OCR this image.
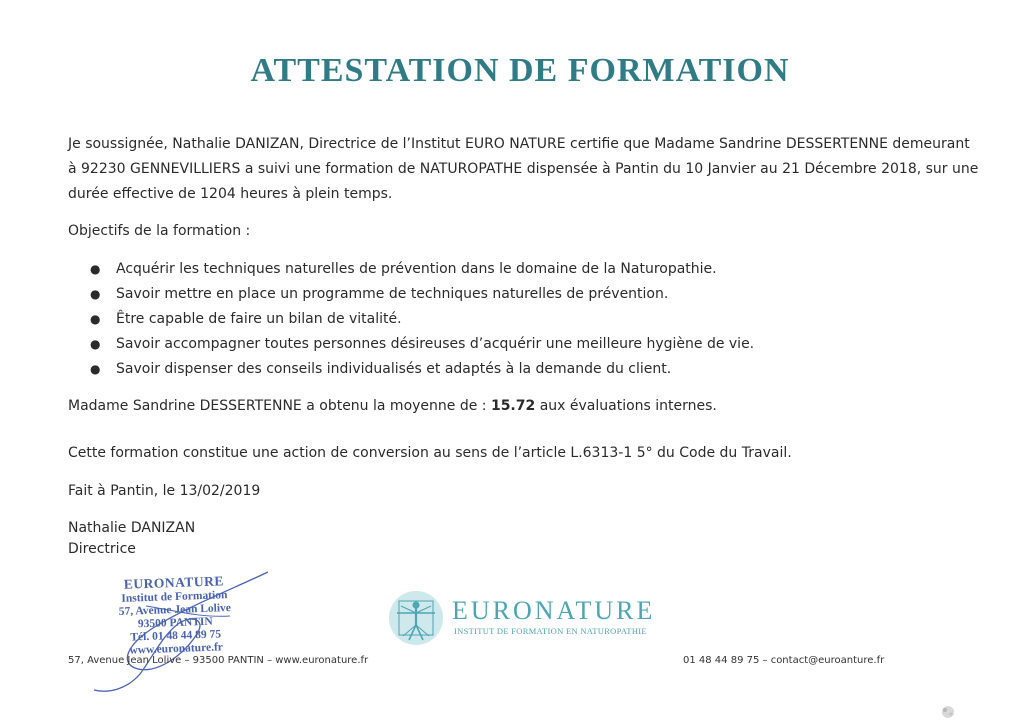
ATTESTATION DE FORMATION

Je soussignée, Nathalie DANIZAN, Directrice de l’Institut EURO NATURE certifie que Madame Sandrine DESSERTENNE demeurant

à 92230 GENNEVILLIERS a suivi une formation de NATUROPATHE dispensée à Pantin du 10 Janvier au 21 Décembre 2018, sur une

durée effective de 1204 heures à plein temps.

Objectifs de la formation :

● Acquérir les techniques naturelles de prévention dans le domaine de la Naturopathie.
● Savoir mettre en place un programme de techniques naturelles de prévention.
● Être capable de faire un bilan de vitalité.
● Savoir accompagner toutes personnes désireuses d’acquérir une meilleure hygiène de vie.
● Savoir dispenser des conseils individualisés et adaptés à la demande du client.

Madame Sandrine DESSERTENNE a obtenu la moyenne de : 15.72 aux évaluations internes.

Cette formation constitue une action de conversion au sens de l’article L.6313-1 5° du Code du Travail.

Fait à Pantin, le 13/02/2019

Nathalie DANIZAN

Directrice

EURONATURE
Institut de Formation
57, Avenue Jean Lolive
93500 PANTIN
Tél. 01 48 44 89 75
www.euronature.fr

EURONATURE

INSTITUT DE FORMATION EN NATUROPATHIE

57, Avenue Jean Lolive – 93500 PANTIN – www.euronature.fr	01 48 44 89 75 – contact@euroanture.fr
